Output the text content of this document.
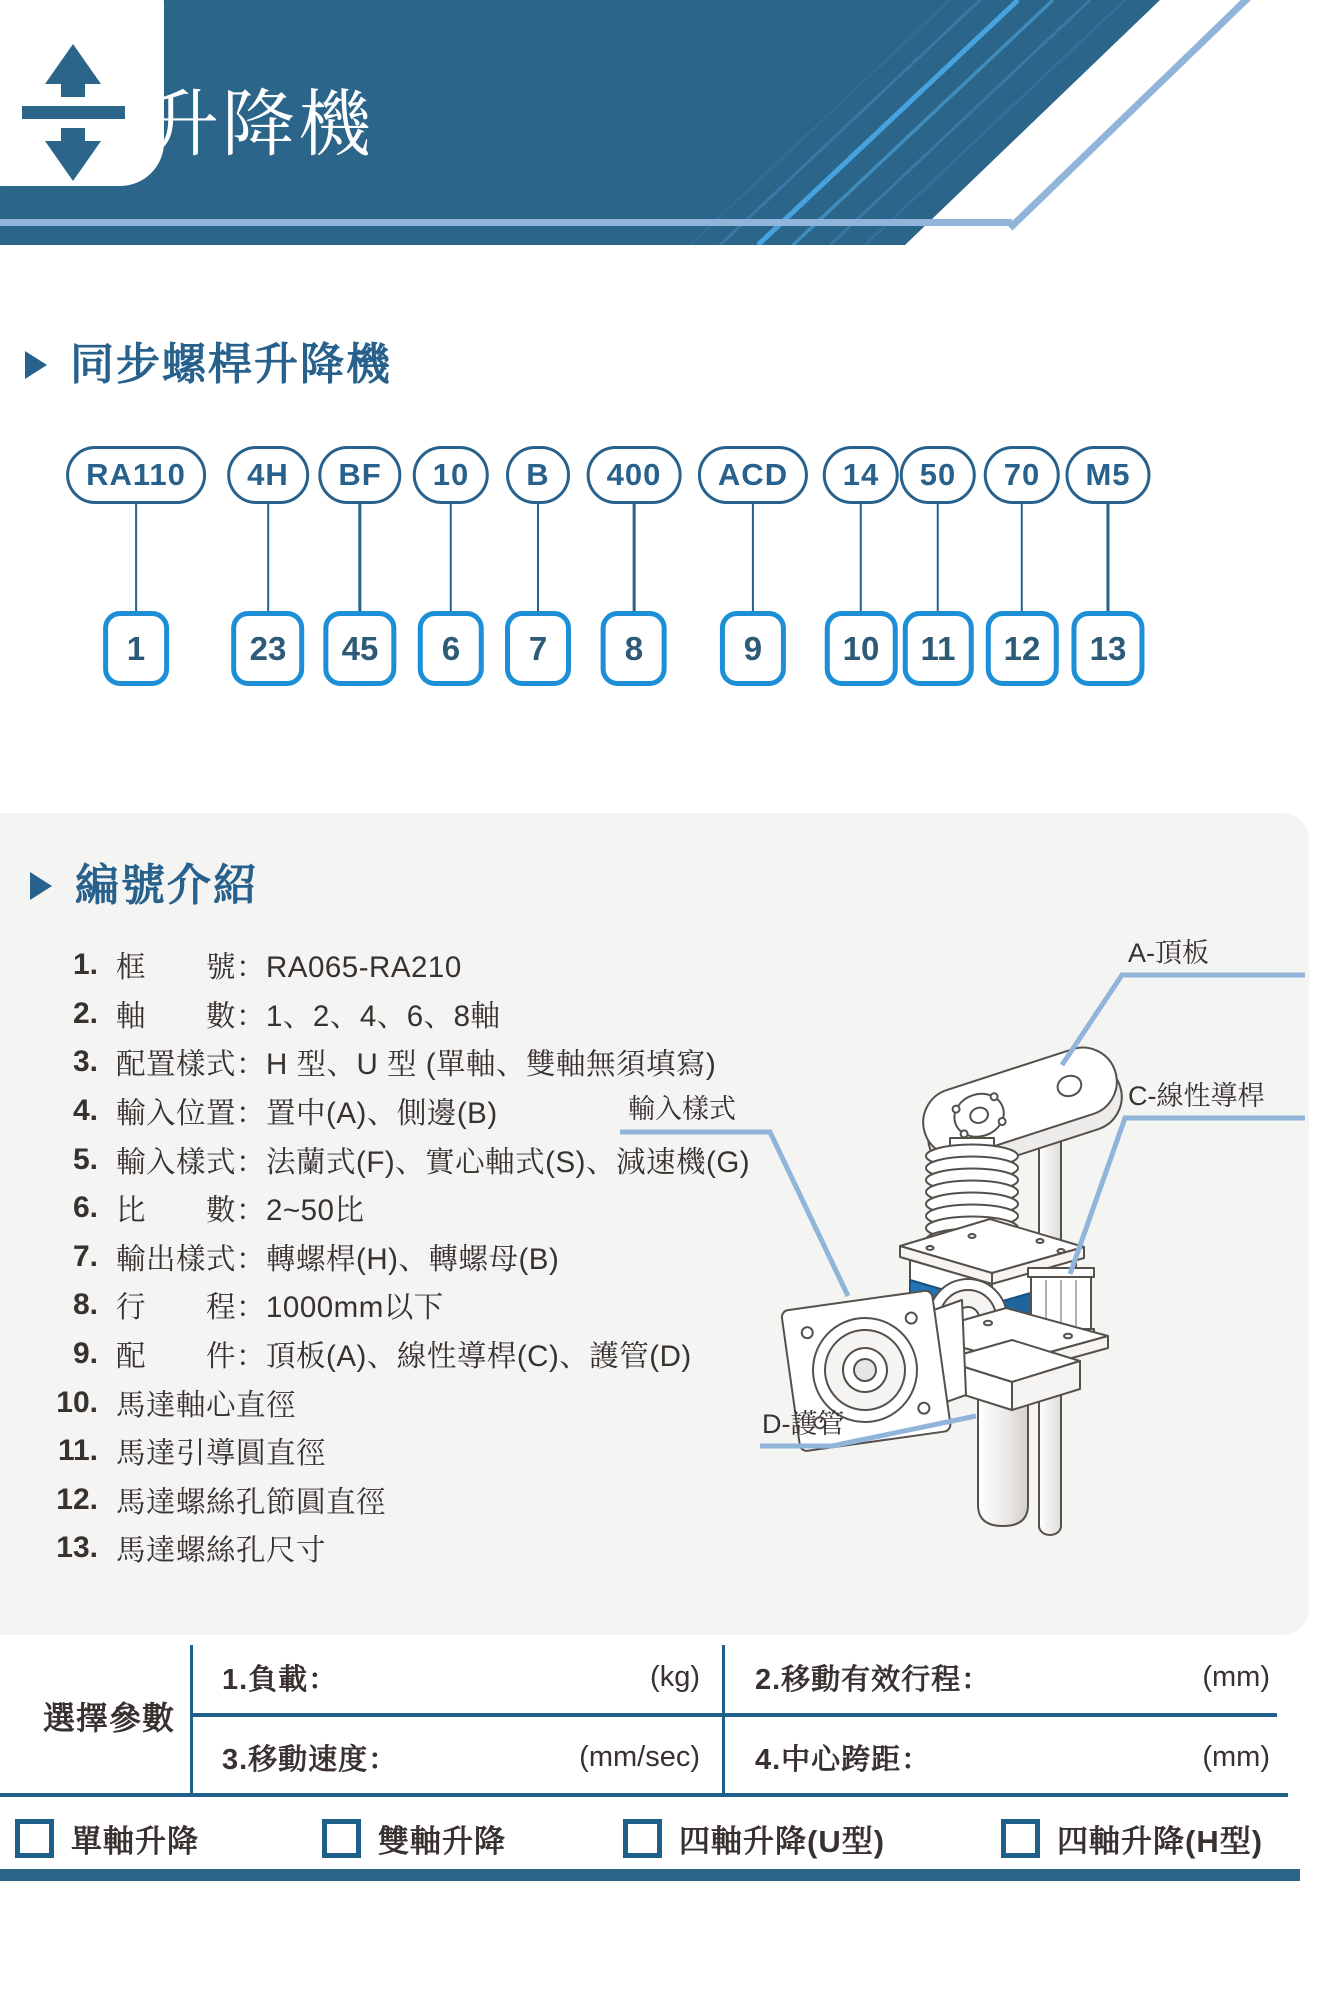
升降機
同步螺桿升降機
RA110
1
4H
23
BF
45
10
6
B
7
400
8
ACD
9
14
10
50
11
70
12
M5
13
編號介紹
1. 框　　號：RA065-RA210
2. 軸　　數：1、2、4、6、8軸
3. 配置樣式：H 型、U 型 (單軸、雙軸無須填寫)
4. 輸入位置：置中(A)、側邊(B)
5. 輸入樣式：法蘭式(F)、實心軸式(S)、減速機(G)
6. 比　　數：2~50比
7. 輸出樣式：轉螺桿(H)、轉螺母(B)
8. 行　　程：1000mm以下
9. 配　　件：頂板(A)、線性導桿(C)、護管(D)
10. 馬達軸心直徑
11. 馬達引導圓直徑
12. 馬達螺絲孔節圓直徑
13. 馬達螺絲孔尺寸
A-頂板
C-線性導桿
輸入樣式
D-護管
選擇參數
1.負載：	(kg) 2.移動有效行程：	(mm)
3.移動速度：	(mm/sec) 4.中心跨距：	(mm)
單軸升降	雙軸升降	四軸升降(U型)	四軸升降(H型)
